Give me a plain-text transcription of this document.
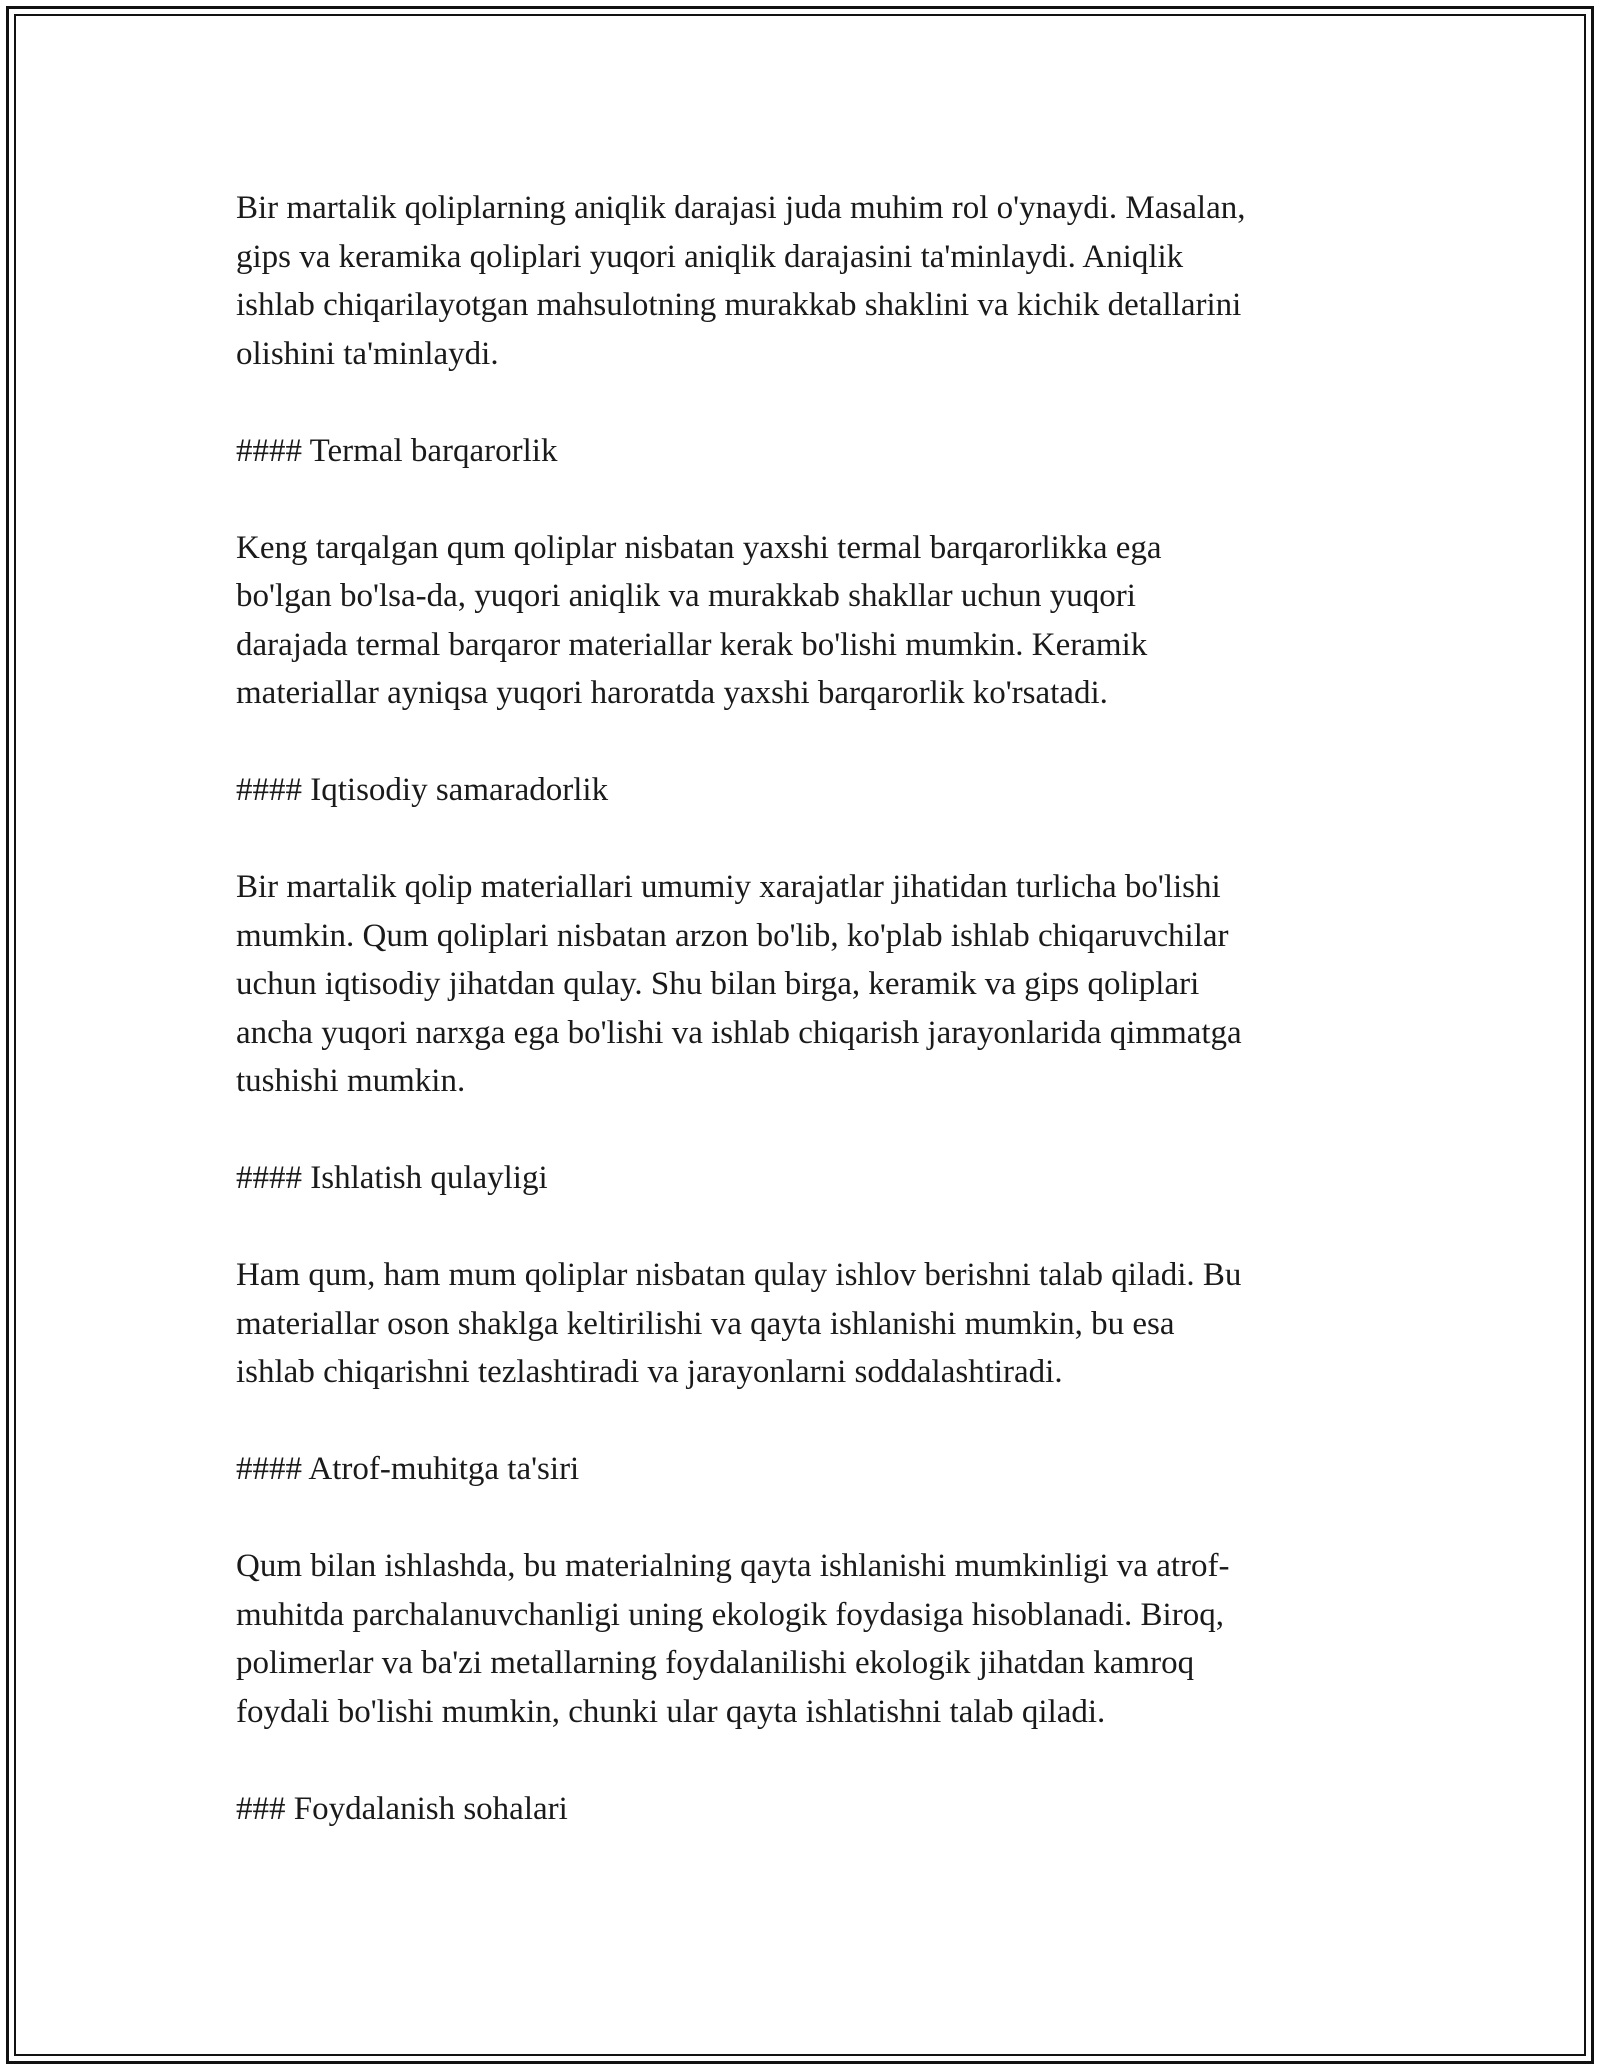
Bir martalik qoliplarning aniqlik darajasi juda muhim rol o'ynaydi. Masalan,
gips va keramika qoliplari yuqori aniqlik darajasini ta'minlaydi. Aniqlik
ishlab chiqarilayotgan mahsulotning murakkab shaklini va kichik detallarini
olishini ta'minlaydi.

#### Termal barqarorlik

Keng tarqalgan qum qoliplar nisbatan yaxshi termal barqarorlikka ega
bo'lgan bo'lsa-da, yuqori aniqlik va murakkab shakllar uchun yuqori
darajada termal barqaror materiallar kerak bo'lishi mumkin. Keramik
materiallar ayniqsa yuqori haroratda yaxshi barqarorlik ko'rsatadi.

#### Iqtisodiy samaradorlik

Bir martalik qolip materiallari umumiy xarajatlar jihatidan turlicha bo'lishi
mumkin. Qum qoliplari nisbatan arzon bo'lib, ko'plab ishlab chiqaruvchilar
uchun iqtisodiy jihatdan qulay. Shu bilan birga, keramik va gips qoliplari
ancha yuqori narxga ega bo'lishi va ishlab chiqarish jarayonlarida qimmatga
tushishi mumkin.

#### Ishlatish qulayligi

Ham qum, ham mum qoliplar nisbatan qulay ishlov berishni talab qiladi. Bu
materiallar oson shaklga keltirilishi va qayta ishlanishi mumkin, bu esa
ishlab chiqarishni tezlashtiradi va jarayonlarni soddalashtiradi.

#### Atrof-muhitga ta'siri

Qum bilan ishlashda, bu materialning qayta ishlanishi mumkinligi va atrof-
muhitda parchalanuvchanligi uning ekologik foydasiga hisoblanadi. Biroq,
polimerlar va ba'zi metallarning foydalanilishi ekologik jihatdan kamroq
foydali bo'lishi mumkin, chunki ular qayta ishlatishni talab qiladi.

### Foydalanish sohalari
